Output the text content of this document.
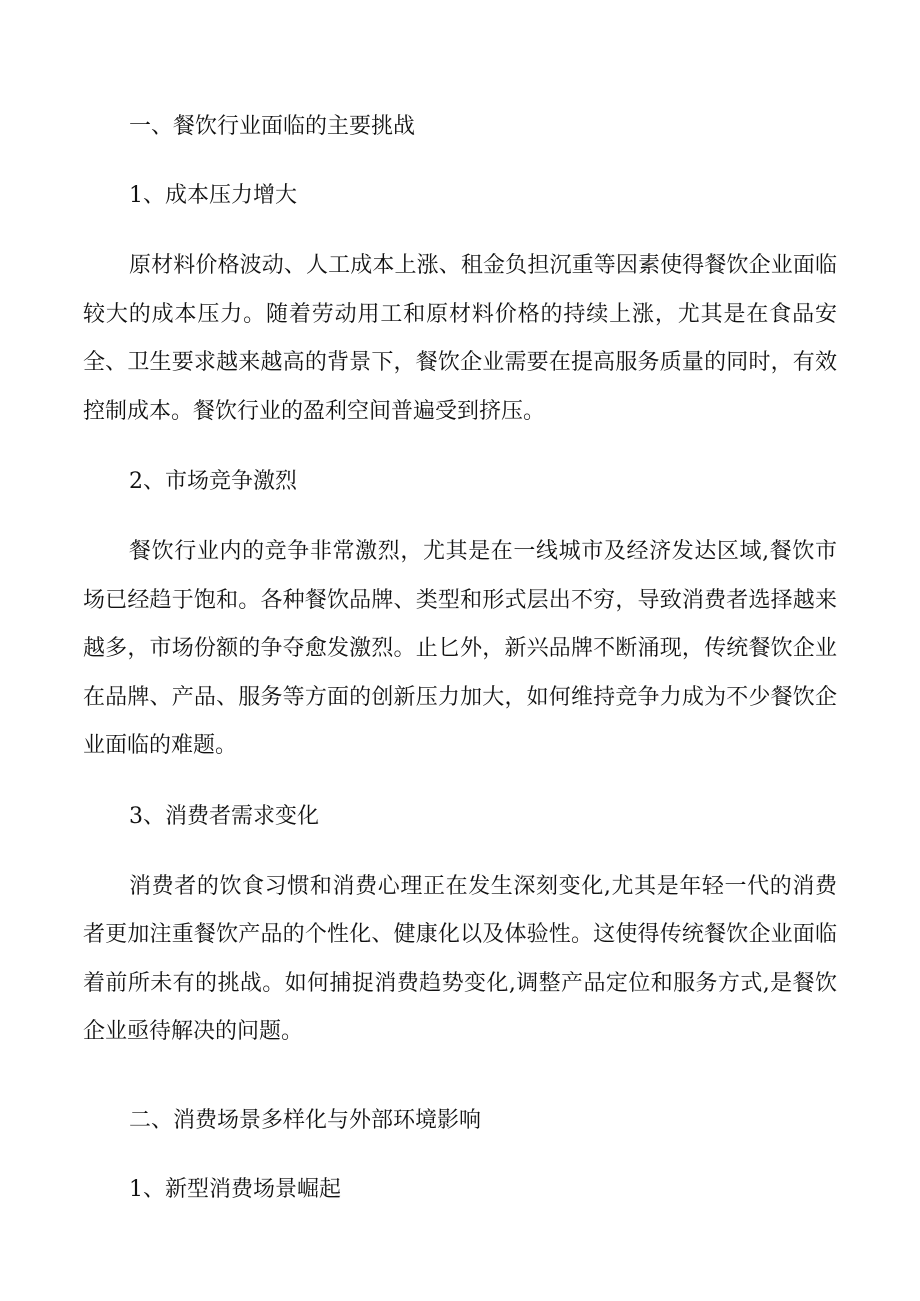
一、餐饮行业面临的主要挑战
1、成本压力增大

原材料价格波动、人工成本上涨、租金负担沉重等因素使得餐饮企业面临较大的成本压力。随着劳动用工和原材料价格的持续上涨，尤其是在食品安全、卫生要求越来越高的背景下，餐饮企业需要在提高服务质量的同时，有效控制成本。餐饮行业的盈利空间普遍受到挤压。

2、市场竞争激烈

餐饮行业内的竞争非常激烈，尤其是在一线城市及经济发达区域,餐饮市场已经趋于饱和。各种餐饮品牌、类型和形式层出不穷，导致消费者选择越来越多，市场份额的争夺愈发激烈。止匕外，新兴品牌不断涌现，传统餐饮企业在品牌、产品、服务等方面的创新压力加大，如何维持竞争力成为不少餐饮企业面临的难题。

3、消费者需求变化

消费者的饮食习惯和消费心理正在发生深刻变化,尤其是年轻一代的消费者更加注重餐饮产品的个性化、健康化以及体验性。这使得传统餐饮企业面临着前所未有的挑战。如何捕捉消费趋势变化,调整产品定位和服务方式,是餐饮企业亟待解决的问题。

二、消费场景多样化与外部环境影响
1、新型消费场景崛起
